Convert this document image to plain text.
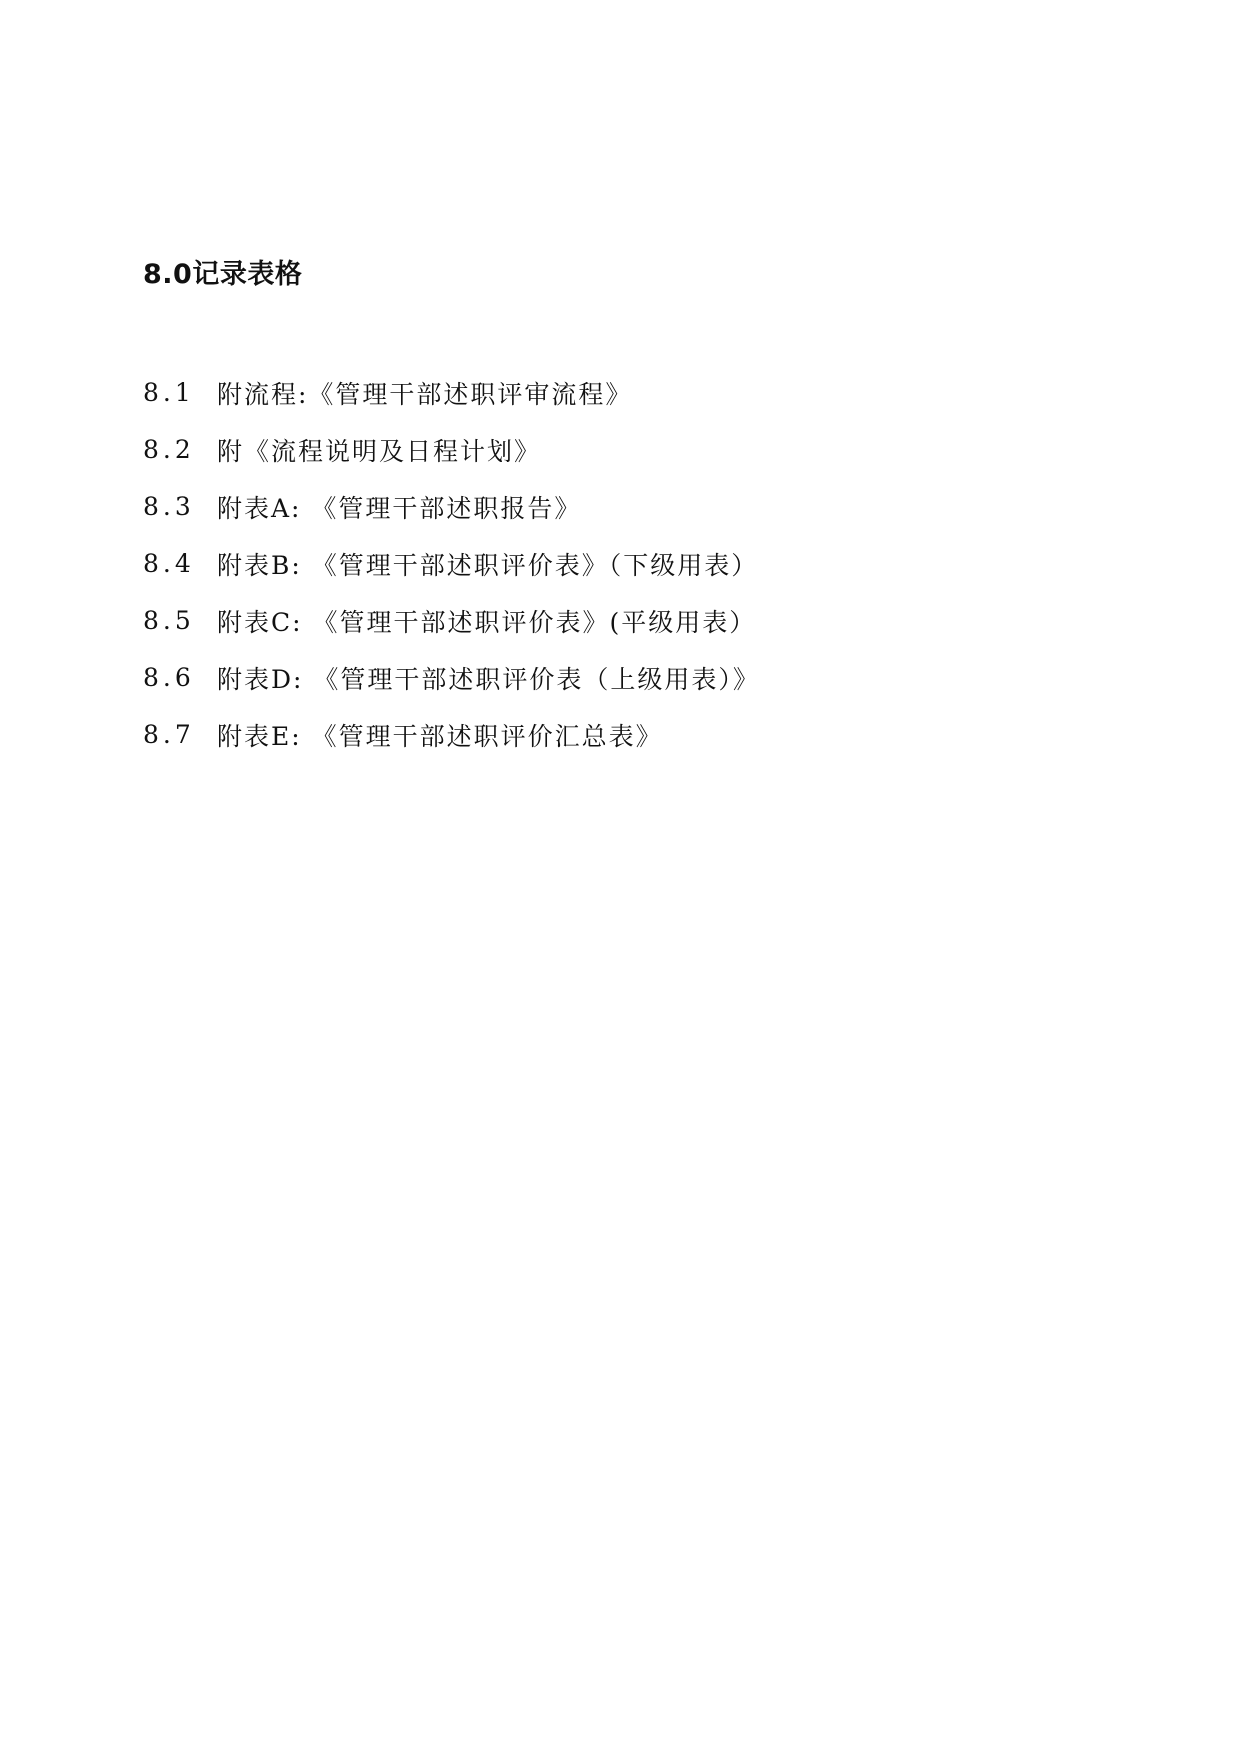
8.0记录表格
8.1 附流程:《管理干部述职评审流程》
8.2 附《流程说明及日程计划》
8.3 附表A: 《管理干部述职报告》
8.4 附表B: 《管理干部述职评价表》（下级用表）
8.5 附表C: 《管理干部述职评价表》(平级用表）
8.6 附表D: 《管理干部述职评价表（上级用表）》
8.7 附表E: 《管理干部述职评价汇总表》
